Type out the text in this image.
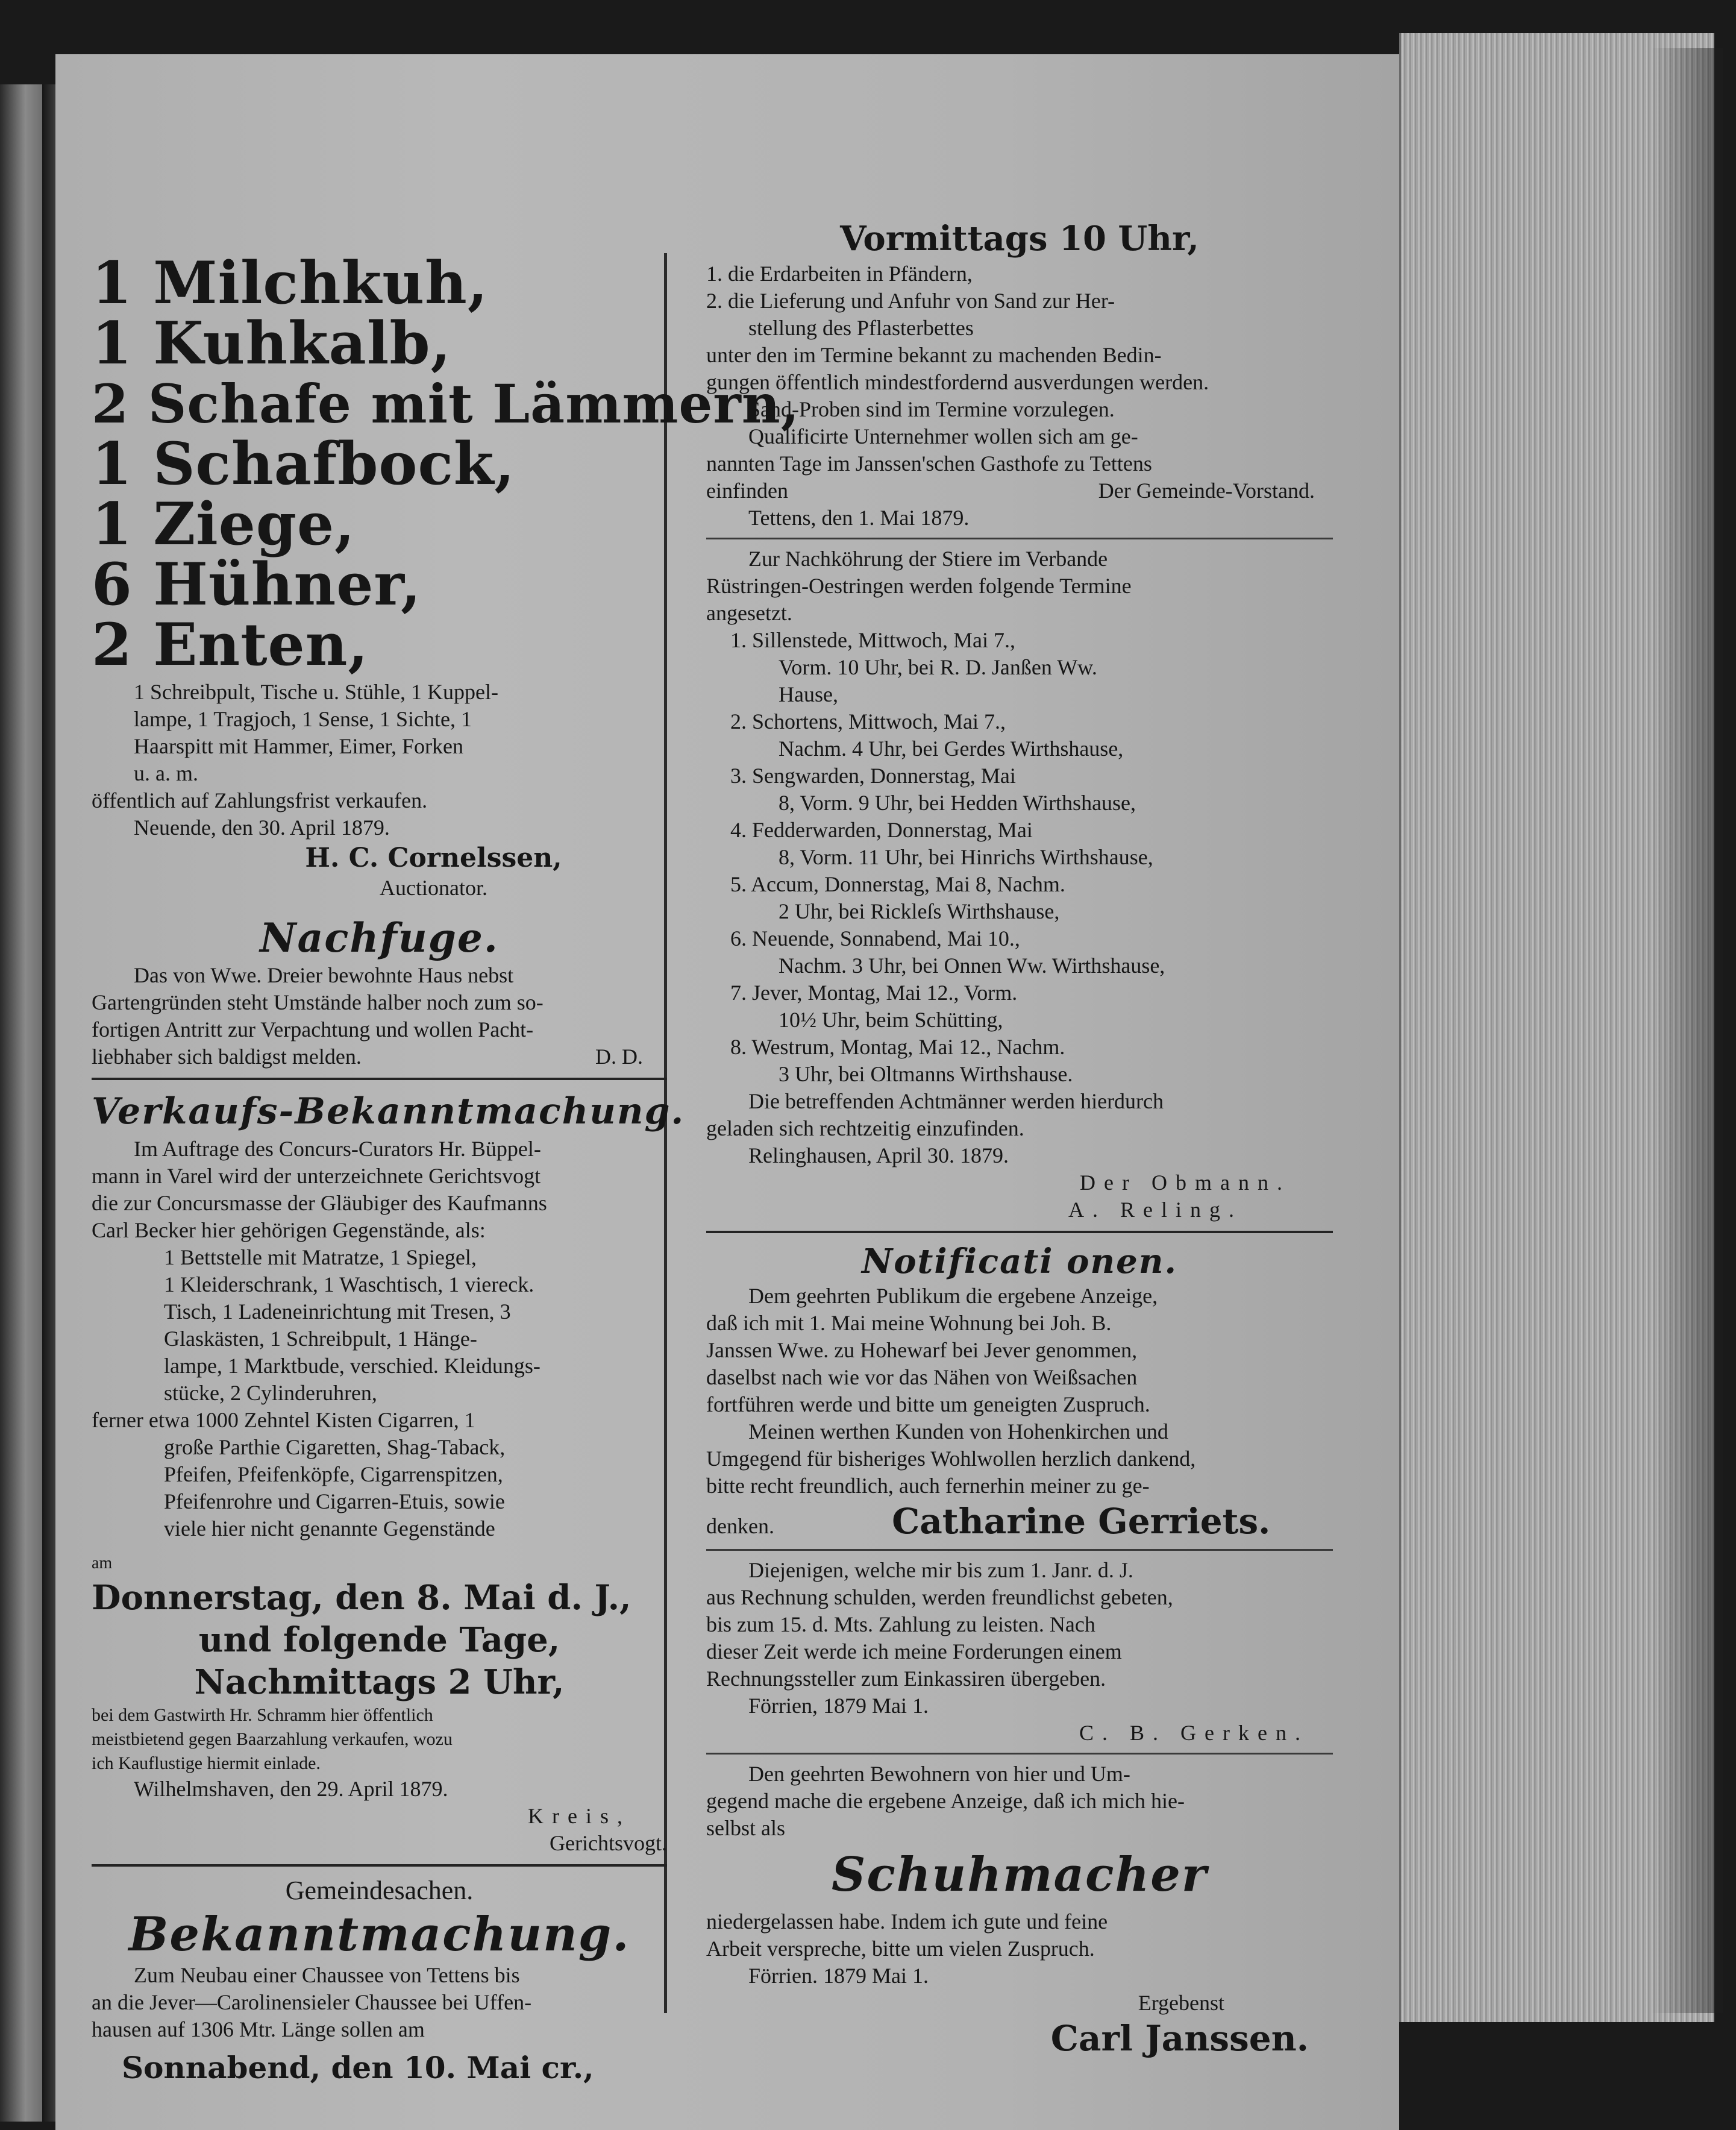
1 Milchkuh,
1 Kuhkalb,
2 Schafe mit Lämmern,
1 Schafbock,
1 Ziege,
6 Hühner,
2 Enten,
1 Schreibpult, Tische u. Stühle, 1 Kuppel-
lampe, 1 Tragjoch, 1 Sense, 1 Sichte, 1
Haarspitt mit Hammer, Eimer, Forken
u. a. m.
öffentlich auf Zahlungsfrist verkaufen.
Neuende, den 30. April 1879.
H. C. Cornelssen,
Auctionator.
Nachfuge.
Das von Wwe. Dreier bewohnte Haus nebst
Gartengründen steht Umstände halber noch zum so-
fortigen Antritt zur Verpachtung und wollen Pacht-
liebhaber sich baldigst melden.	D. D.
Verkaufs-Bekanntmachung.
Im Auftrage des Concurs-Curators Hr. Büppel-
mann in Varel wird der unterzeichnete Gerichtsvogt
die zur Concursmasse der Gläubiger des Kaufmanns
Carl Becker hier gehörigen Gegenstände, als:
1 Bettstelle mit Matratze, 1 Spiegel,
1 Kleiderschrank, 1 Waschtisch, 1 viereck.
Tisch, 1 Ladeneinrichtung mit Tresen, 3
Glaskästen, 1 Schreibpult, 1 Hänge-
lampe, 1 Marktbude, verschied. Kleidungs-
stücke, 2 Cylinderuhren,
ferner etwa 1000 Zehntel Kisten Cigarren, 1
große Parthie Cigaretten, Shag-Taback,
Pfeifen, Pfeifenköpfe, Cigarrenspitzen,
Pfeifenrohre und Cigarren-Etuis, sowie
viele hier nicht genannte Gegenstände
am
Donnerstag, den 8. Mai d. J.,
und folgende Tage,
Nachmittags 2 Uhr,
bei dem Gastwirth Hr. Schramm hier öffentlich
meistbietend gegen Baarzahlung verkaufen, wozu
ich Kauflustige hiermit einlade.
Wilhelmshaven, den 29. April 1879.
Kreis,
Gerichtsvogt.
Gemeindesachen.
Bekanntmachung.
Zum Neubau einer Chaussee von Tettens bis
an die Jever—Carolinensieler Chaussee bei Uffen-
hausen auf 1306 Mtr. Länge sollen am
Sonnabend, den 10. Mai cr.,
Vormittags 10 Uhr,
1. die Erdarbeiten in Pfändern,
2. die Lieferung und Anfuhr von Sand zur Her-
stellung des Pflasterbettes
unter den im Termine bekannt zu machenden Bedin-
gungen öffentlich mindestfordernd ausverdungen werden.
Sand-Proben sind im Termine vorzulegen.
Qualificirte Unternehmer wollen sich am ge-
nannten Tage im Janssen'schen Gasthofe zu Tettens
einfinden	Der Gemeinde-Vorstand.
Tettens, den 1. Mai 1879.
Zur Nachköhrung der Stiere im Verbande
Rüstringen-Oestringen werden folgende Termine
angesetzt.
1. Sillenstede, Mittwoch, Mai 7.,
Vorm. 10 Uhr, bei R. D. Janßen Ww.
Hause,
2. Schortens, Mittwoch, Mai 7.,
Nachm. 4 Uhr, bei Gerdes Wirthshause,
3. Sengwarden, Donnerstag, Mai
8, Vorm. 9 Uhr, bei Hedden Wirthshause,
4. Fedderwarden, Donnerstag, Mai
8, Vorm. 11 Uhr, bei Hinrichs Wirthshause,
5. Accum, Donnerstag, Mai 8, Nachm.
2 Uhr, bei Rickleſs Wirthshause,
6. Neuende, Sonnabend, Mai 10.,
Nachm. 3 Uhr, bei Onnen Ww. Wirthshause,
7. Jever, Montag, Mai 12., Vorm.
10½ Uhr, beim Schütting,
8. Westrum, Montag, Mai 12., Nachm.
3 Uhr, bei Oltmanns Wirthshause.
Die betreffenden Achtmänner werden hierdurch
geladen sich rechtzeitig einzufinden.
Relinghausen, April 30. 1879.
Der Obmann.
A. Reling.
Notificati onen.
Dem geehrten Publikum die ergebene Anzeige,
daß ich mit 1. Mai meine Wohnung bei Joh. B.
Janssen Wwe. zu Hohewarf bei Jever genommen,
daselbst nach wie vor das Nähen von Weißsachen
fortführen werde und bitte um geneigten Zuspruch.
Meinen werthen Kunden von Hohenkirchen und
Umgegend für bisheriges Wohlwollen herzlich dankend,
bitte recht freundlich, auch fernerhin meiner zu ge-
denken.	Catharine Gerriets.
Diejenigen, welche mir bis zum 1. Janr. d. J.
aus Rechnung schulden, werden freundlichst gebeten,
bis zum 15. d. Mts. Zahlung zu leisten. Nach
dieser Zeit werde ich meine Forderungen einem
Rechnungssteller zum Einkassiren übergeben.
Förrien, 1879 Mai 1.
C. B. Gerken.
Den geehrten Bewohnern von hier und Um-
gegend mache die ergebene Anzeige, daß ich mich hie-
selbst als
Schuhmacher
niedergelassen habe. Indem ich gute und feine
Arbeit verspreche, bitte um vielen Zuspruch.
Förrien. 1879 Mai 1.
Ergebenst
Carl Janssen.
